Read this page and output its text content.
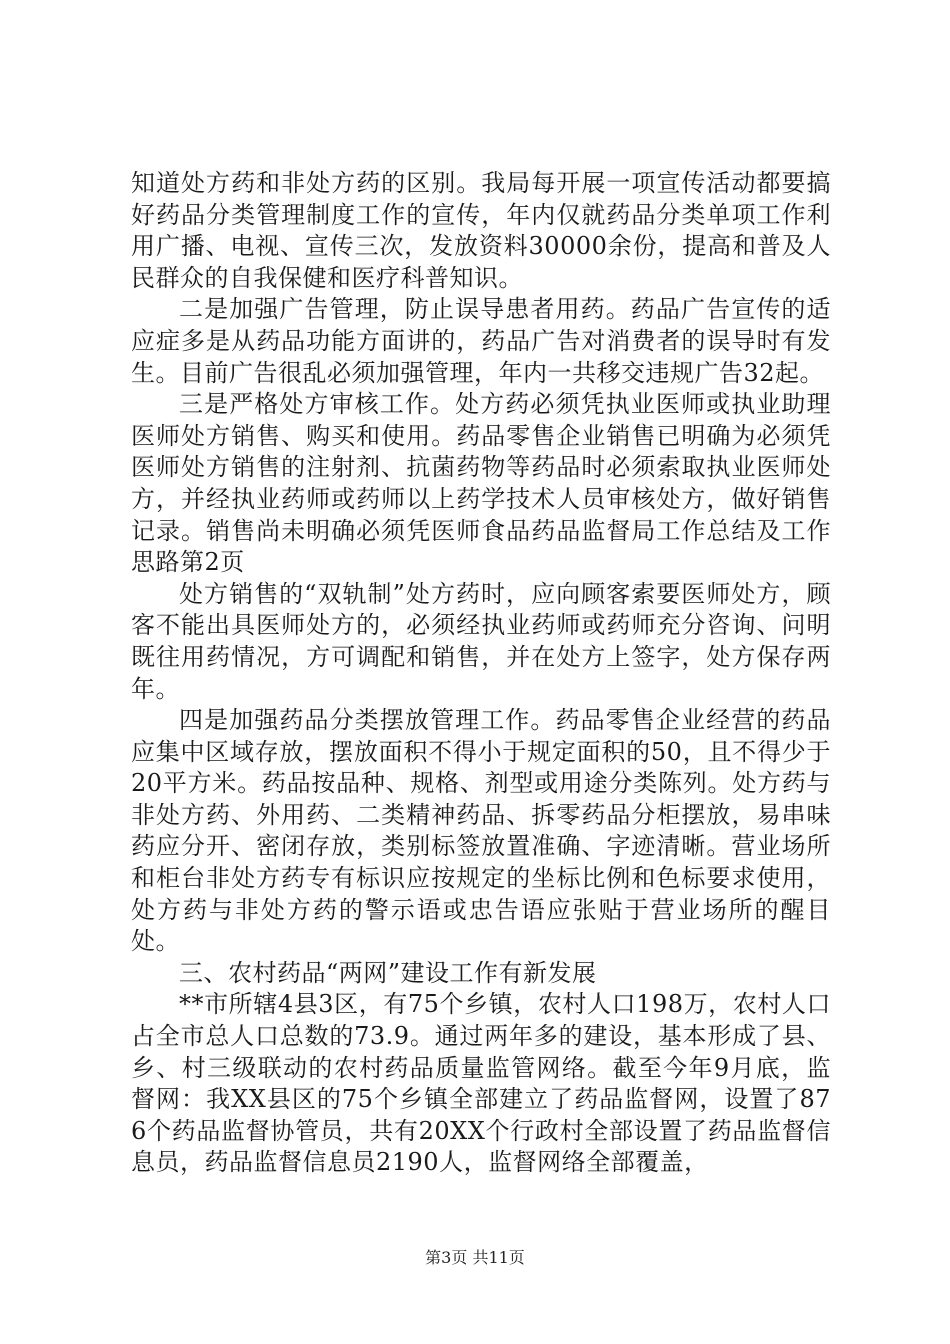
知道处方药和非处方药的区别。我局每开展一项宣传活动都要搞好药品分类管理制度工作的宣传，年内仅就药品分类单项工作利用广播、电视、宣传三次，发放资料30000余份，提高和普及人民群众的自我保健和医疗科普知识。

二是加强广告管理，防止误导患者用药。药品广告宣传的适应症多是从药品功能方面讲的，药品广告对消费者的误导时有发生。目前广告很乱必须加强管理，年内一共移交违规广告32起。

三是严格处方审核工作。处方药必须凭执业医师或执业助理医师处方销售、购买和使用。药品零售企业销售已明确为必须凭医师处方销售的注射剂、抗菌药物等药品时必须索取执业医师处方，并经执业药师或药师以上药学技术人员审核处方，做好销售记录。销售尚未明确必须凭医师食品药品监督局工作总结及工作思路第2页

处方销售的“双轨制”处方药时，应向顾客索要医师处方，顾客不能出具医师处方的，必须经执业药师或药师充分咨询、问明既往用药情况，方可调配和销售，并在处方上签字，处方保存两年。

四是加强药品分类摆放管理工作。药品零售企业经营的药品应集中区域存放，摆放面积不得小于规定面积的50，且不得少于20平方米。药品按品种、规格、剂型或用途分类陈列。处方药与非处方药、外用药、二类精神药品、拆零药品分柜摆放，易串味药应分开、密闭存放，类别标签放置准确、字迹清晰。营业场所和柜台非处方药专有标识应按规定的坐标比例和色标要求使用，处方药与非处方药的警示语或忠告语应张贴于营业场所的醒目处。

三、农村药品“两网”建设工作有新发展

**市所辖4县3区，有75个乡镇，农村人口198万，农村人口占全市总人口总数的73.9。通过两年多的建设，基本形成了县、乡、村三级联动的农村药品质量监管网络。截至今年9月底，监督网：我XX县区的75个乡镇全部建立了药品监督网，设置了876个药品监督协管员，共有20XX个行政村全部设置了药品监督信息员，药品监督信息员2190人，监督网络全部覆盖，

第3页 共11页
